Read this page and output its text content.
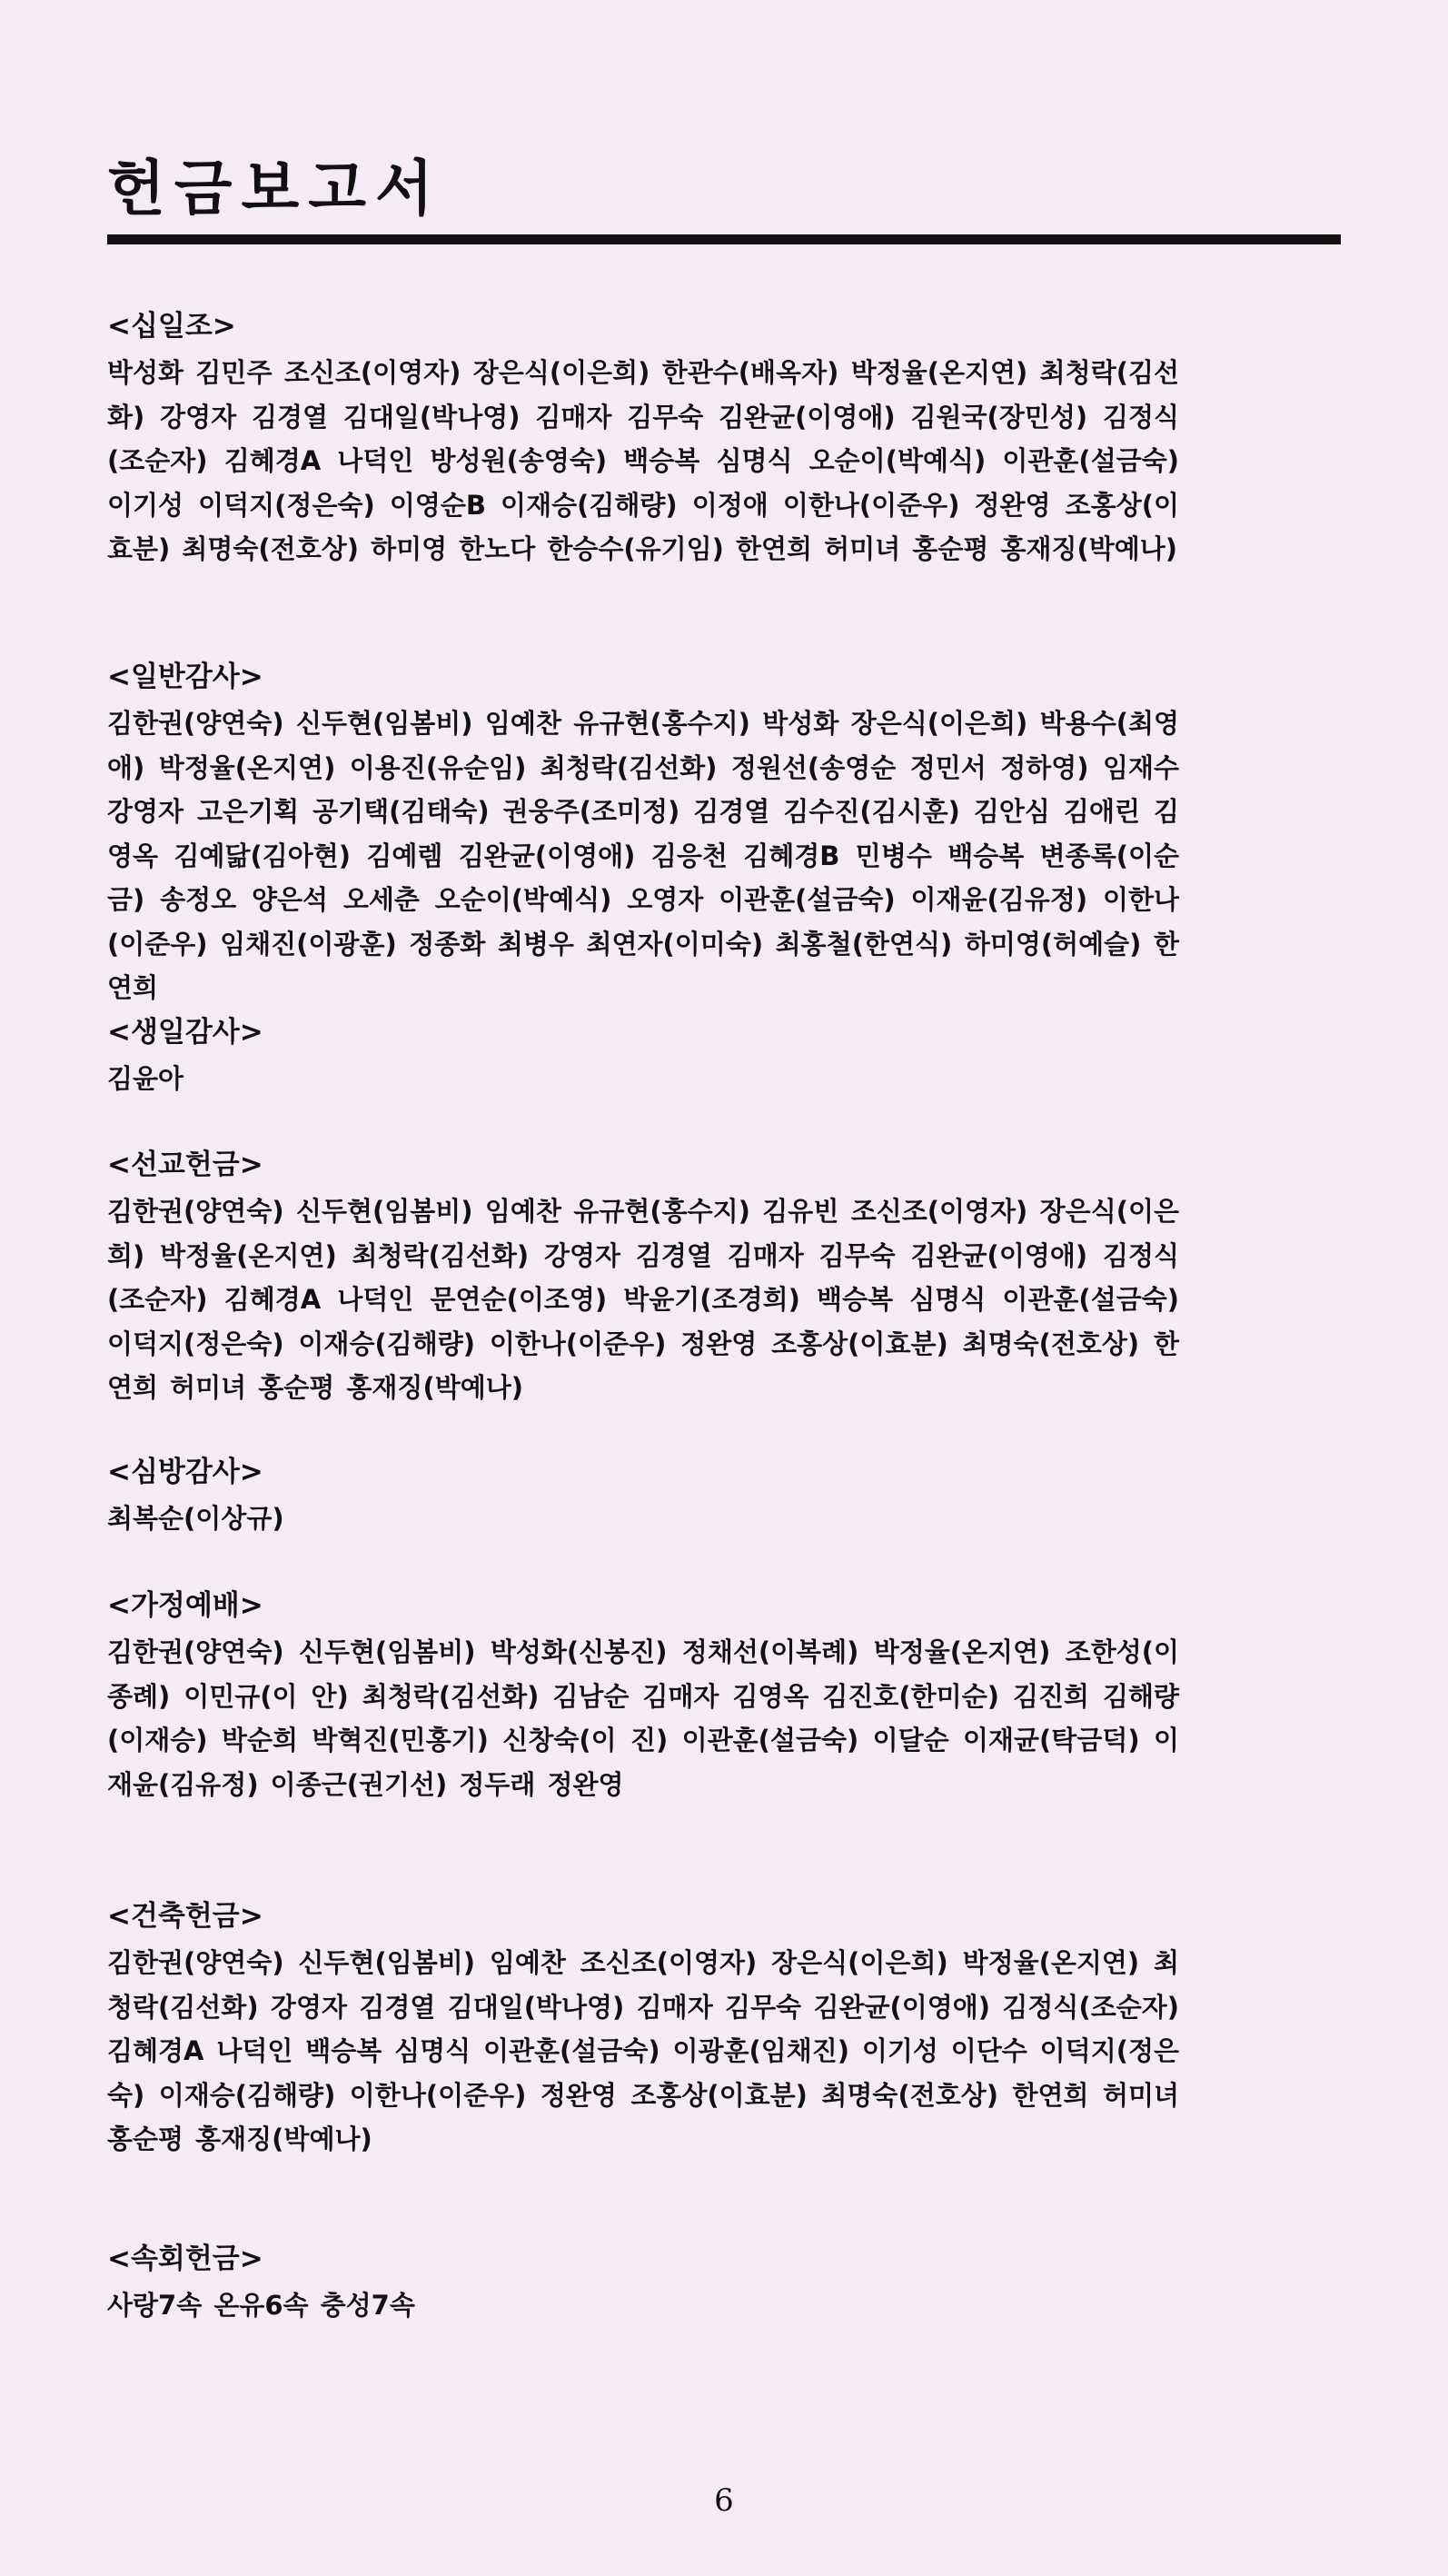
헌금보고서
<십일조>

박성화 김민주 조신조(이영자) 장은식(이은희) 한관수(배옥자) 박정율(온지연) 최청락(김선화) 강영자 김경열 김대일(박나영) 김매자 김무숙 김완균(이영애) 김원국(장민성) 김정식(조순자) 김혜경A 나덕인 방성원(송영숙) 백승복 심명식 오순이(박예식) 이관훈(설금숙) 이기성 이덕지(정은숙) 이영순B 이재승(김해량) 이정애 이한나(이준우) 정완영 조홍상(이효분) 최명숙(전호상) 하미영 한노다 한승수(유기임) 한연희 허미녀 홍순평 홍재징(박예나)

<일반감사>

김한권(양연숙) 신두현(임봄비) 임예찬 유규현(홍수지) 박성화 장은식(이은희) 박용수(최영애) 박정율(온지연) 이용진(유순임) 최청락(김선화) 정원선(송영순 정민서 정하영) 임재수 강영자 고은기획 공기택(김태숙) 권웅주(조미정) 김경열 김수진(김시훈) 김안심 김애린 김영옥 김예닮(김아현) 김예렘 김완균(이영애) 김응천 김혜경B 민병수 백승복 변종록(이순금) 송정오 양은석 오세춘 오순이(박예식) 오영자 이관훈(설금숙) 이재윤(김유정) 이한나(이준우) 임채진(이광훈) 정종화 최병우 최연자(이미숙) 최홍철(한연식) 하미영(허예슬) 한연희

<생일감사>

김윤아

<선교헌금>

김한권(양연숙) 신두현(임봄비) 임예찬 유규현(홍수지) 김유빈 조신조(이영자) 장은식(이은희) 박정율(온지연) 최청락(김선화) 강영자 김경열 김매자 김무숙 김완균(이영애) 김정식(조순자) 김혜경A 나덕인 문연순(이조영) 박윤기(조경희) 백승복 심명식 이관훈(설금숙) 이덕지(정은숙) 이재승(김해량) 이한나(이준우) 정완영 조홍상(이효분) 최명숙(전호상) 한연희 허미녀 홍순평 홍재징(박예나)

<심방감사>

최복순(이상규)

<가정예배>

김한권(양연숙) 신두현(임봄비) 박성화(신봉진) 정채선(이복례) 박정율(온지연) 조한성(이종례) 이민규(이 안) 최청락(김선화) 김남순 김매자 김영옥 김진호(한미순) 김진희 김해량(이재승) 박순희 박혁진(민홍기) 신창숙(이 진) 이관훈(설금숙) 이달순 이재균(탁금덕) 이재윤(김유정) 이종근(권기선) 정두래 정완영

<건축헌금>

김한권(양연숙) 신두현(임봄비) 임예찬 조신조(이영자) 장은식(이은희) 박정율(온지연) 최청락(김선화) 강영자 김경열 김대일(박나영) 김매자 김무숙 김완균(이영애) 김정식(조순자) 김혜경A 나덕인 백승복 심명식 이관훈(설금숙) 이광훈(임채진) 이기성 이단수 이덕지(정은숙) 이재승(김해량) 이한나(이준우) 정완영 조홍상(이효분) 최명숙(전호상) 한연희 허미녀 홍순평 홍재징(박예나)

<속회헌금>

사랑7속 온유6속 충성7속

6
